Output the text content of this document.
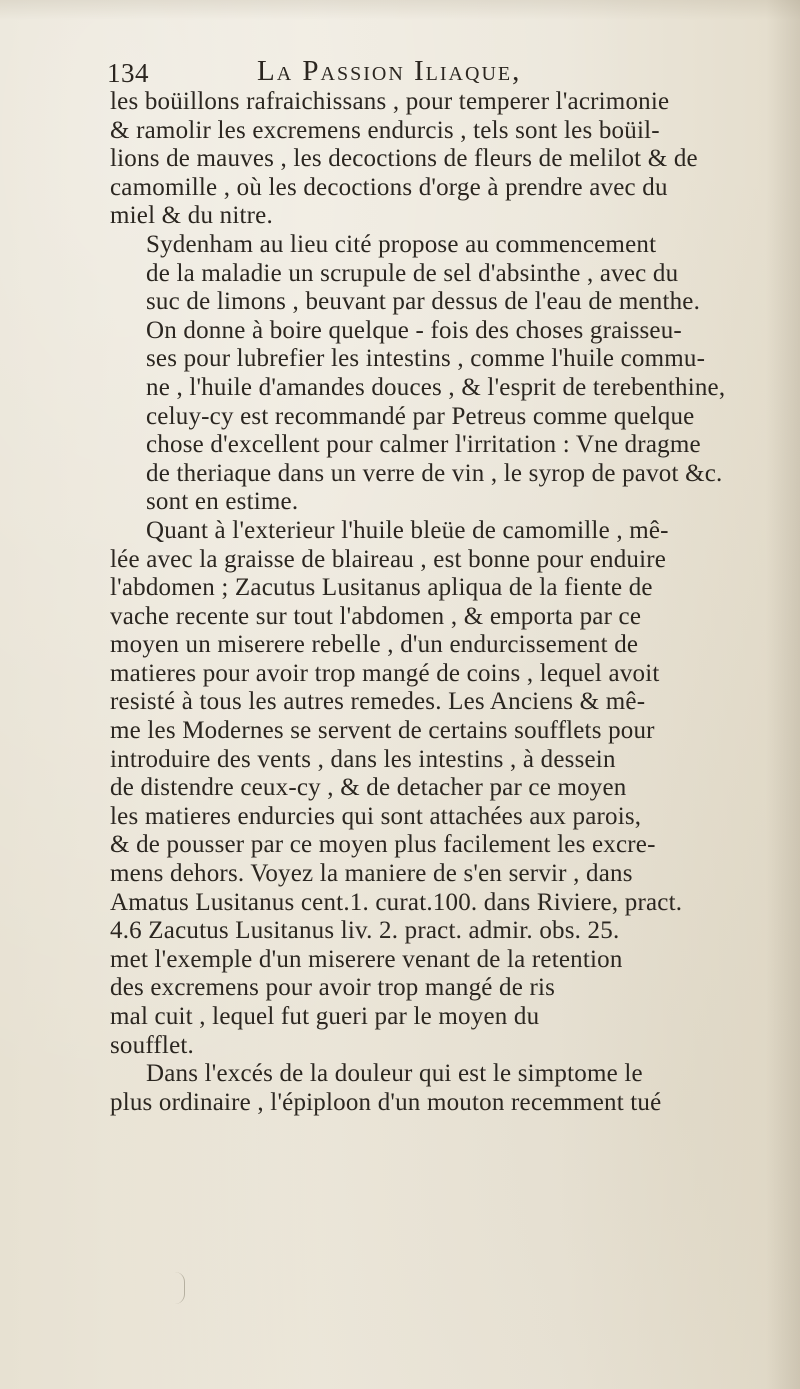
134	La Passion Iliaque,

les boüillons rafraichissans , pour temperer l'acrimonie
& ramolir les excremens endurcis , tels sont les boüil-
lions de mauves , les decoctions de fleurs de melilot & de
camomille , où les decoctions d'orge à prendre avec du
miel & du nitre.

Sydenham au lieu cité propose au commencement
de la maladie un scrupule de sel d'absinthe , avec du
suc de limons , beuvant par dessus de l'eau de menthe.
On donne à boire quelque - fois des choses graisseu-
ses pour lubrefier les intestins , comme l'huile commu-
ne , l'huile d'amandes douces , & l'esprit de terebenthine,
celuy-cy est recommandé par Petreus comme quelque
chose d'excellent pour calmer l'irritation : Vne dragme
de theriaque dans un verre de vin , le syrop de pavot &c.
sont en estime.

Quant à l'exterieur l'huile bleüe de camomille , mê-
lée avec la graisse de blaireau , est bonne pour enduire
l'abdomen ; Zacutus Lusitanus apliqua de la fiente de
vache recente sur tout l'abdomen , & emporta par ce
moyen un miserere rebelle , d'un endurcissement de
matieres pour avoir trop mangé de coins , lequel avoit
resisté à tous les autres remedes. Les Anciens & mê-
me les Modernes se servent de certains soufflets pour
introduire des vents , dans les intestins , à dessein
de distendre ceux-cy , & de detacher par ce moyen
les matieres endurcies qui sont attachées aux parois,
& de pousser par ce moyen plus facilement les excre-
mens dehors. Voyez la maniere de s'en servir , dans
Amatus Lusitanus cent.1. curat.100. dans Riviere, pract.
4.6 Zacutus Lusitanus liv. 2. pract. admir. obs. 25.
met l'exemple d'un miserere venant de la retention
des excremens pour avoir trop mangé de ris
mal cuit , lequel fut gueri par le moyen du
soufflet.

Dans l'excés de la douleur qui est le simptome le
plus ordinaire , l'épiploon d'un mouton recemment tué
